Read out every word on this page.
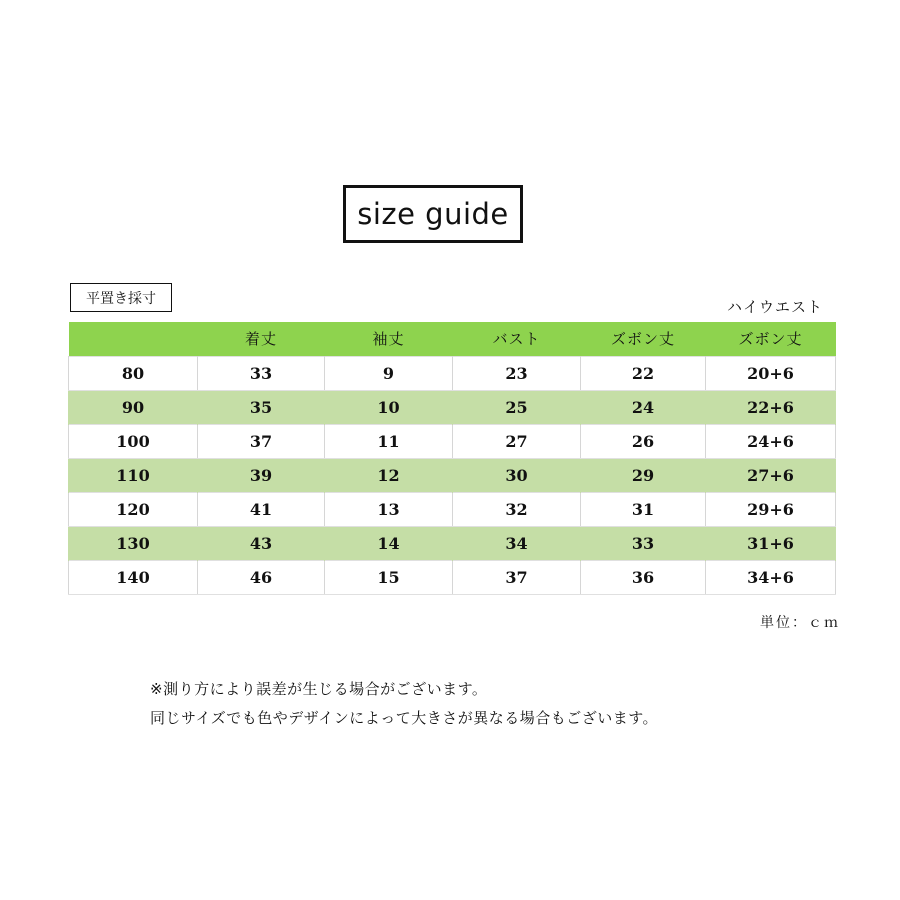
size guide
平置き採寸	ハイウエスト
	着丈	袖丈	バスト	ズボン丈	ズボン丈
80	33	9	23	22	20+6
90	35	10	25	24	22+6
100	37	11	27	26	24+6
110	39	12	30	29	27+6
120	41	13	32	31	29+6
130	43	14	34	33	31+6
140	46	15	37	36	34+6
単位：ｃｍ
※測り方により誤差が生じる場合がございます。
同じサイズでも色やデザインによって大きさが異なる場合もございます。
